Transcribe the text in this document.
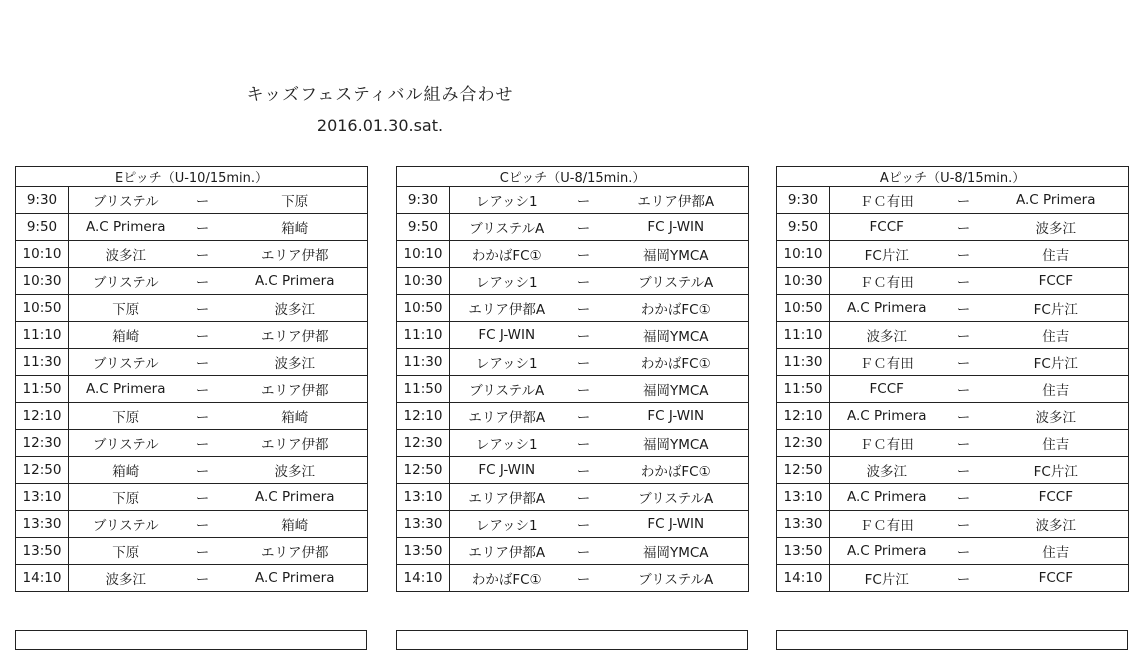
キッズフェスティバル組み合わせ
2016.01.30.sat.
Eピッチ（U-10/15min.）			
9:30	ブリステル	ー	下原
9:50	A.C Primera	ー	箱崎
10:10	波多江	ー	エリア伊都
10:30	ブリステル	ー	A.C Primera
10:50	下原	ー	波多江
11:10	箱崎	ー	エリア伊都
11:30	ブリステル	ー	波多江
11:50	A.C Primera	ー	エリア伊都
12:10	下原	ー	箱崎
12:30	ブリステル	ー	エリア伊都
12:50	箱崎	ー	波多江
13:10	下原	ー	A.C Primera
13:30	ブリステル	ー	箱崎
13:50	下原	ー	エリア伊都
14:10	波多江	ー	A.C Primera
Cピッチ（U-8/15min.）			
9:30	レアッシ1	ー	エリア伊都A
9:50	ブリステルA	ー	FC J-WIN
10:10	わかばFC①	ー	福岡YMCA
10:30	レアッシ1	ー	ブリステルA
10:50	エリア伊都A	ー	わかばFC①
11:10	FC J-WIN	ー	福岡YMCA
11:30	レアッシ1	ー	わかばFC①
11:50	ブリステルA	ー	福岡YMCA
12:10	エリア伊都A	ー	FC J-WIN
12:30	レアッシ1	ー	福岡YMCA
12:50	FC J-WIN	ー	わかばFC①
13:10	エリア伊都A	ー	ブリステルA
13:30	レアッシ1	ー	FC J-WIN
13:50	エリア伊都A	ー	福岡YMCA
14:10	わかばFC①	ー	ブリステルA
Aピッチ（U-8/15min.）			
9:30	ＦＣ有田	ー	A.C Primera
9:50	FCCF	ー	波多江
10:10	FC片江	ー	住吉
10:30	ＦＣ有田	ー	FCCF
10:50	A.C Primera	ー	FC片江
11:10	波多江	ー	住吉
11:30	ＦＣ有田	ー	FC片江
11:50	FCCF	ー	住吉
12:10	A.C Primera	ー	波多江
12:30	ＦＣ有田	ー	住吉
12:50	波多江	ー	FC片江
13:10	A.C Primera	ー	FCCF
13:30	ＦＣ有田	ー	波多江
13:50	A.C Primera	ー	住吉
14:10	FC片江	ー	FCCF
